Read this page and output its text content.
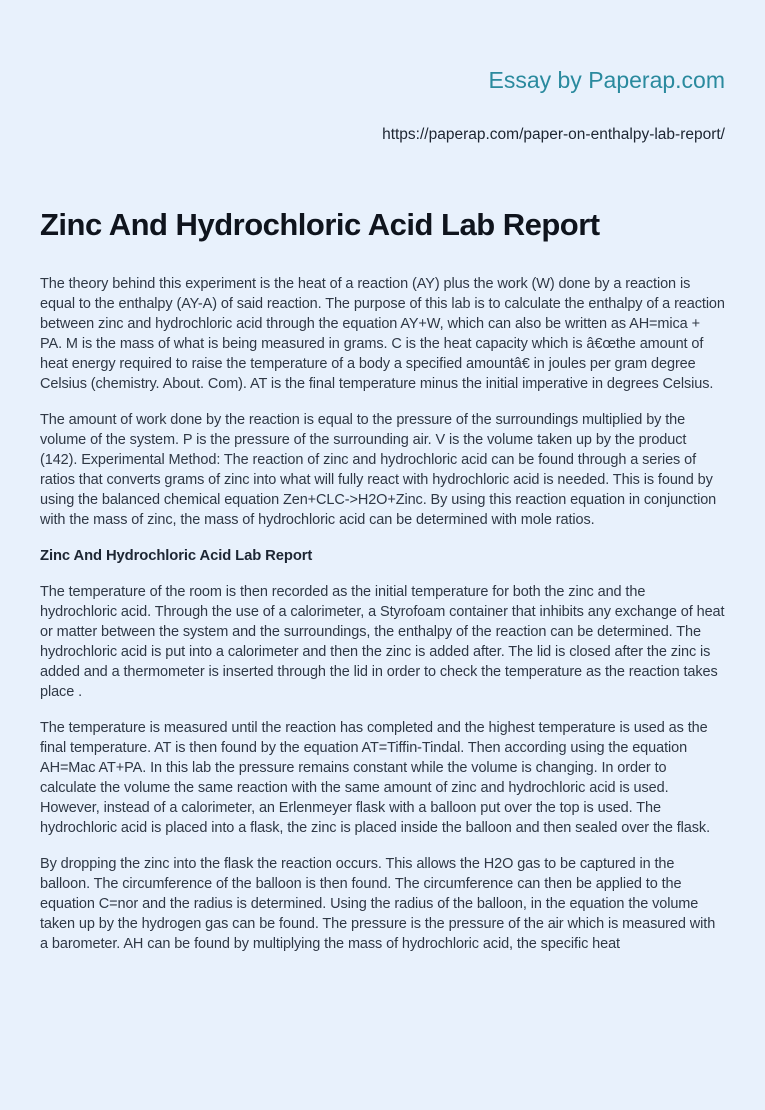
Essay by Paperap.com
https://paperap.com/paper-on-enthalpy-lab-report/
Zinc And Hydrochloric Acid Lab Report

The theory behind this experiment is the heat of a reaction (AY) plus the work (W) done by a reaction is equal to the enthalpy (AY-A) of said reaction. The purpose of this lab is to calculate the enthalpy of a reaction between zinc and hydrochloric acid through the equation AY+W, which can also be written as AH=mica + PA. M is the mass of what is being measured in grams. C is the heat capacity which is â€œthe amount of heat energy required to raise the temperature of a body a specified amountâ€ in joules per gram degree Celsius (chemistry. About. Com). AT is the final temperature minus the initial imperative in degrees Celsius.

The amount of work done by the reaction is equal to the pressure of the surroundings multiplied by the volume of the system. P is the pressure of the surrounding air. V is the volume taken up by the product (142). Experimental Method: The reaction of zinc and hydrochloric acid can be found through a series of ratios that converts grams of zinc into what will fully react with hydrochloric acid is needed. This is found by using the balanced chemical equation Zen+CLC->H2O+Zinc. By using this reaction equation in conjunction with the mass of zinc, the mass of hydrochloric acid can be determined with mole ratios.

Zinc And Hydrochloric Acid Lab Report

The temperature of the room is then recorded as the initial temperature for both the zinc and the hydrochloric acid. Through the use of a calorimeter, a Styrofoam container that inhibits any exchange of heat or matter between the system and the surroundings, the enthalpy of the reaction can be determined. The hydrochloric acid is put into a calorimeter and then the zinc is added after. The lid is closed after the zinc is added and a thermometer is inserted through the lid in order to check the temperature as the reaction takes place .

The temperature is measured until the reaction has completed and the highest temperature is used as the final temperature. AT is then found by the equation AT=Tiffin-Tindal. Then according using the equation AH=Mac AT+PA. In this lab the pressure remains constant while the volume is changing. In order to calculate the volume the same reaction with the same amount of zinc and hydrochloric acid is used. However, instead of a calorimeter, an Erlenmeyer flask with a balloon put over the top is used. The hydrochloric acid is placed into a flask, the zinc is placed inside the balloon and then sealed over the flask.

By dropping the zinc into the flask the reaction occurs. This allows the H2O gas to be captured in the balloon. The circumference of the balloon is then found. The circumference can then be applied to the equation C=nor and the radius is determined. Using the radius of the balloon, in the equation the volume taken up by the hydrogen gas can be found. The pressure is the pressure of the air which is measured with a barometer. AH can be found by multiplying the mass of hydrochloric acid, the specific heat
